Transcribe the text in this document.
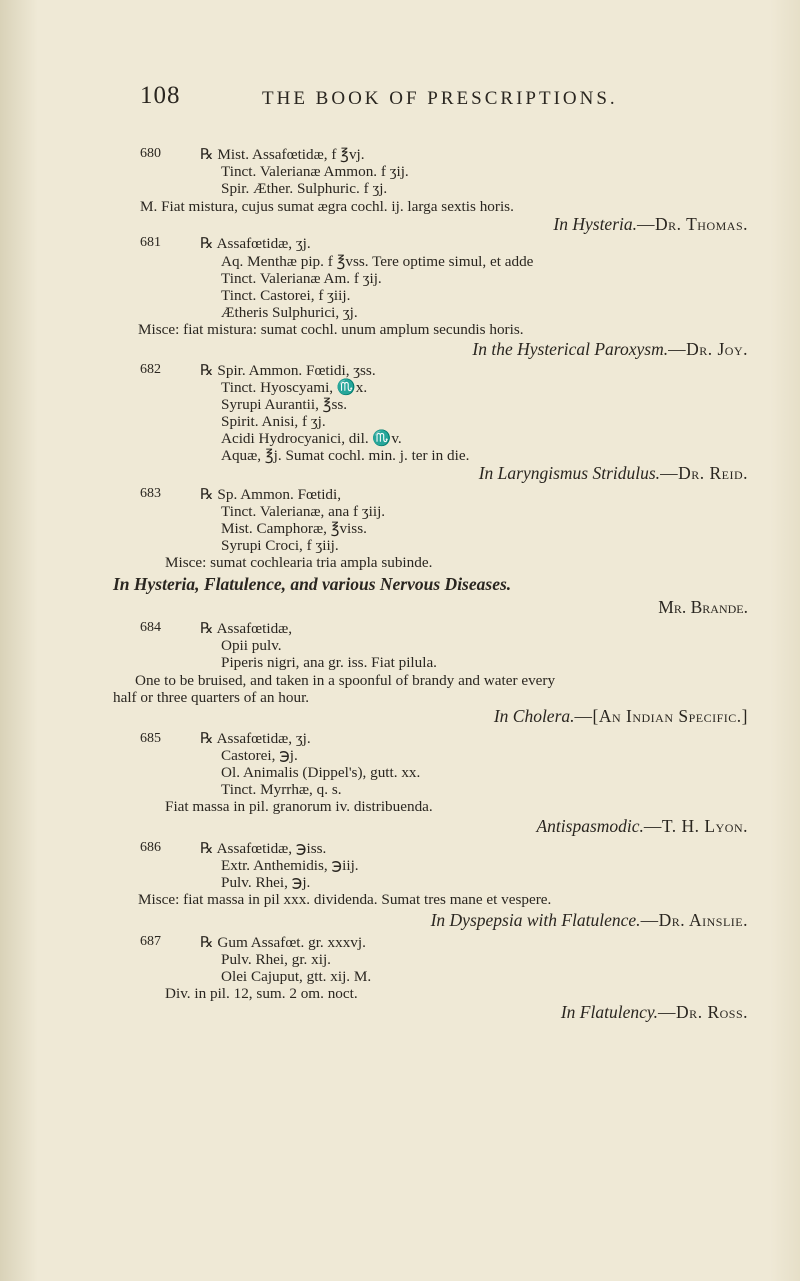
108	THE BOOK OF PRESCRIPTIONS.
680	℞ Mist. Assafœtidæ, f ℥vj.
Tinct. Valerianæ Ammon. f ʒij.
Spir. Æther. Sulphuric. f ʒj.
M. Fiat mistura, cujus sumat ægra cochl. ij. larga sextis horis.
In Hysteria.—Dr. Thomas.
681	℞ Assafœtidæ, ʒj.
Aq. Menthæ pip. f ℥vss. Tere optime simul, et adde
Tinct. Valerianæ Am. f ʒij.
Tinct. Castorei, f ʒiij.
Ætheris Sulphurici, ʒj.
Misce: fiat mistura: sumat cochl. unum amplum secundis horis.
In the Hysterical Paroxysm.—Dr. Joy.
682	℞ Spir. Ammon. Fœtidi, ʒss.
Tinct. Hyoscyami, ♏x.
Syrupi Aurantii, ℥ss.
Spirit. Anisi, f ʒj.
Acidi Hydrocyanici, dil. ♏v.
Aquæ, ℥j. Sumat cochl. min. j. ter in die.
In Laryngismus Stridulus.—Dr. Reid.
683	℞ Sp. Ammon. Fœtidi,
Tinct. Valerianæ, ana f ʒiij.
Mist. Camphoræ, ℥viss.
Syrupi Croci, f ʒiij.
Misce: sumat cochlearia tria ampla subinde.
In Hysteria, Flatulence, and various Nervous Diseases.
Mr. Brande.
684	℞ Assafœtidæ,
Opii pulv.
Piperis nigri, ana gr. iss. Fiat pilula.
One to be bruised, and taken in a spoonful of brandy and water every
half or three quarters of an hour.
In Cholera.—[An Indian Specific.]
685	℞ Assafœtidæ, ʒj.
Castorei, ℈j.
Ol. Animalis (Dippel's), gutt. xx.
Tinct. Myrrhæ, q. s.
Fiat massa in pil. granorum iv. distribuenda.
Antispasmodic.—T. H. Lyon.
686	℞ Assafœtidæ, ℈iss.
Extr. Anthemidis, ℈iij.
Pulv. Rhei, ℈j.
Misce: fiat massa in pil xxx. dividenda. Sumat tres mane et vespere.
In Dyspepsia with Flatulence.—Dr. Ainslie.
687	℞ Gum Assafœt. gr. xxxvj.
Pulv. Rhei, gr. xij.
Olei Cajuput, gtt. xij. M.
Div. in pil. 12, sum. 2 om. noct.
In Flatulency.—Dr. Ross.
